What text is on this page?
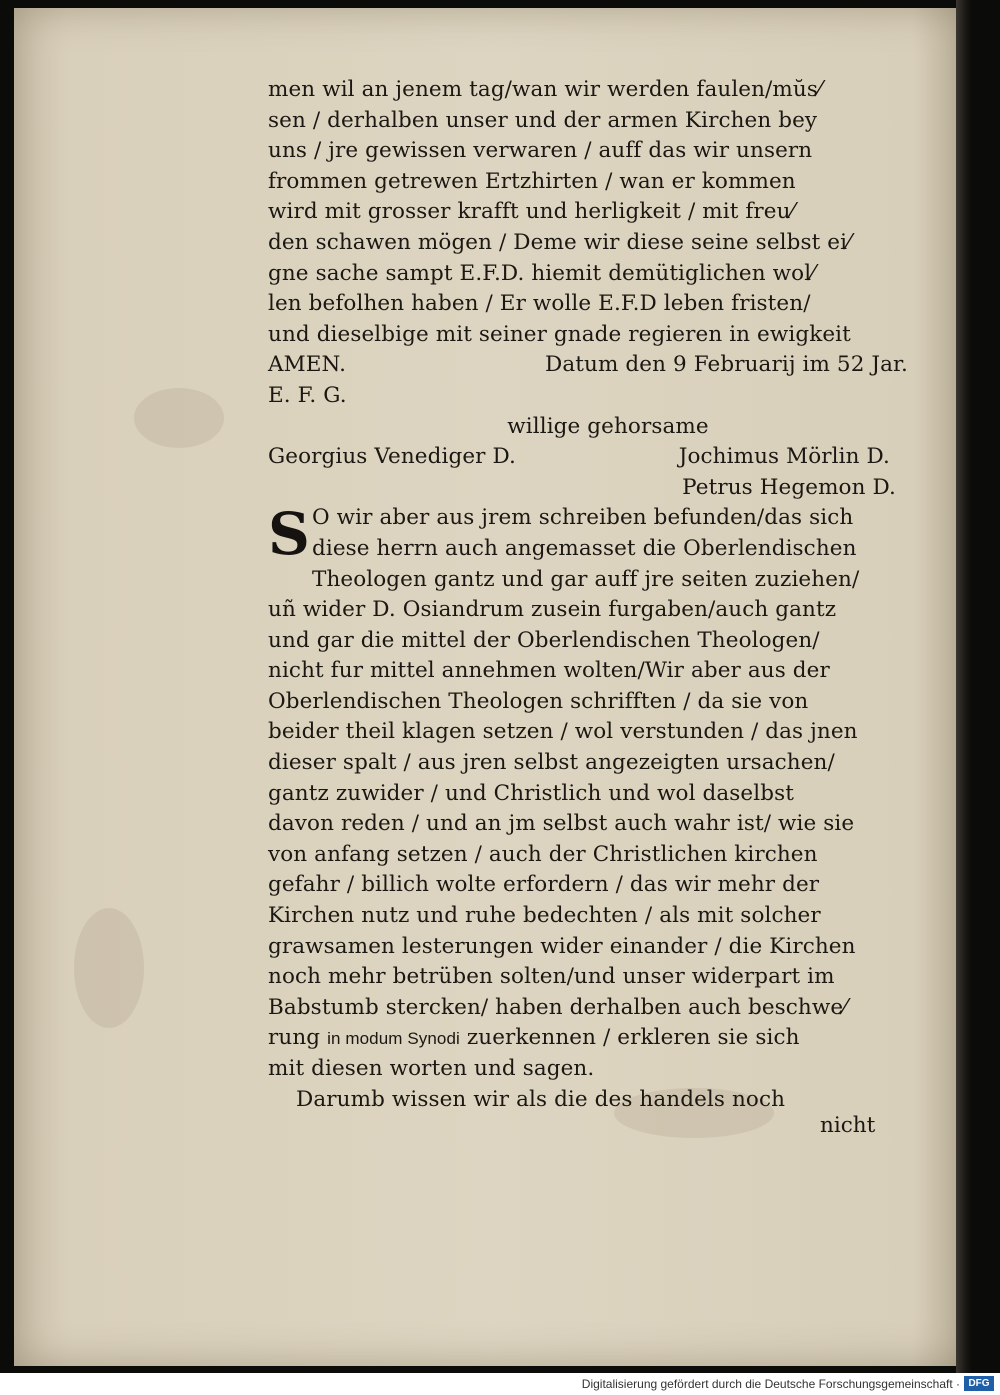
men wil an jenem tag/wan wir werden faulen/mŭs⁄
sen / derhalben unser und der armen Kirchen bey
uns / jre gewissen verwaren / auff das wir unsern
frommen getrewen Ertzhirten / wan er kommen
wird mit grosser krafft und herligkeit / mit freu⁄
den schawen mögen / Deme wir diese seine selbst ei⁄
gne sache sampt E.F.D. hiemit demütiglichen wol⁄
len befolhen haben / Er wolle E.F.D leben fristen/
und dieselbige mit seiner gnade regieren in ewigkeit
AMEN.	Datum den 9 Februarij im 52 Jar.
E. F. G.
willige gehorsame
Georgius Venediger D.	Jochimus Mörlin D.
Petrus Hegemon D.
S O wir aber aus jrem schreiben befunden/das sich
diese herrn auch angemasset die Oberlendischen
Theologen gantz und gar auff jre seiten zuziehen/
uñ wider D. Osiandrum zusein furgaben/auch gantz
und gar die mittel der Oberlendischen Theologen/
nicht fur mittel annehmen wolten/Wir aber aus der
Oberlendischen Theologen schrifften / da sie von
beider theil klagen setzen / wol verstunden / das jnen
dieser spalt / aus jren selbst angezeigten ursachen/
gantz zuwider / und Christlich und wol daselbst
davon reden / und an jm selbst auch wahr ist/ wie sie
von anfang setzen / auch der Christlichen kirchen
gefahr / billich wolte erfordern / das wir mehr der
Kirchen nutz und ruhe bedechten / als mit solcher
grawsamen lesterungen wider einander / die Kirchen
noch mehr betrüben solten/und unser widerpart im
Babstumb stercken/ haben derhalben auch beschwe⁄
rung in modum Synodi zuerkennen / erkleren sie sich
mit diesen worten und sagen.
Darumb wissen wir als die des handels noch
nicht
Digitalisierung gefördert durch die Deutsche Forschungsgemeinschaft · DFG
